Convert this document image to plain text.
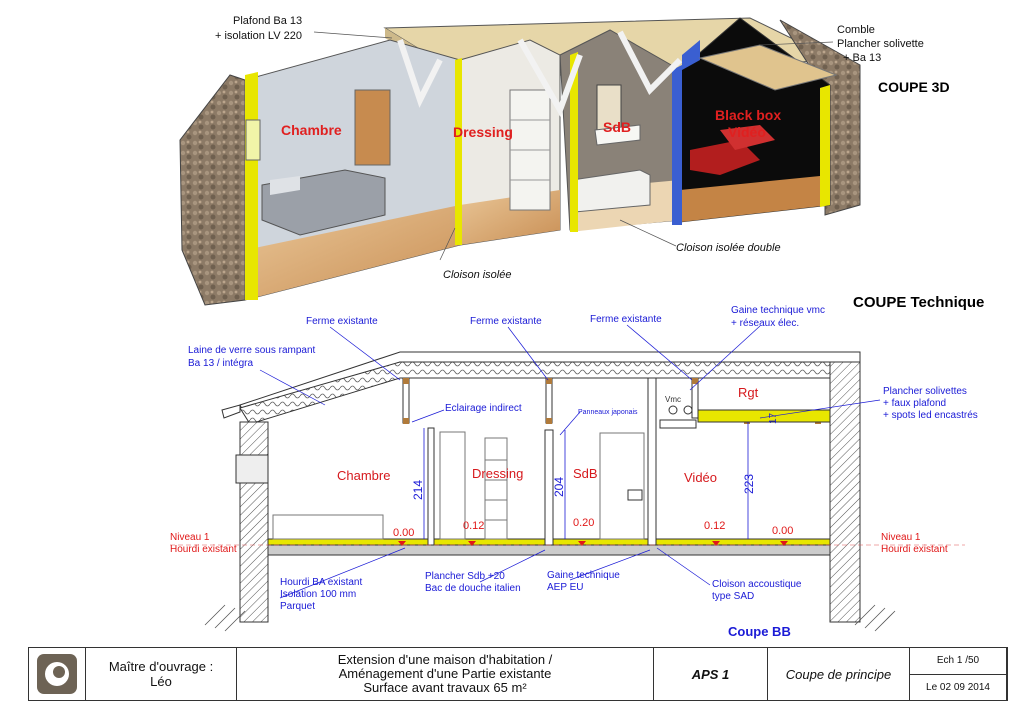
COUPE 3D
Plafond Ba 13
+ isolation LV 220	Comble
Plancher solivette
+ Ba 13
Cloison isolée
Cloison isolée double
Chambre	Dressing	SdB
Black box
Vidéo
COUPE Technique
Ferme existante	Ferme existante	Ferme existante
Gaine technique vmc
+ réseaux élec.
Laine de verre sous rampant
Ba 13 / intégra
Eclairage indirect	Panneaux japonais
Plancher solivettes
+ faux plafond
+ spots led encastrés
Hourdi BA existant
Isolation 100 mm
Parquet
Plancher Sdb +20
Bac de douche italien
Gaine technique
AEP EU	Cloison accoustique
type SAD
Chambre	Dressing	SdB	Vidéo
Rgt
Vmc
214	204	223
17
0.00
0.12	0.20	0.12	0.00
Niveau 1
Hourdi existant
Niveau 1
Hourdi existant
Coupe BB
Maître d'ouvrage :
Léo
Extension d'une maison d'habitation /
Aménagement d'une Partie existante
Surface avant travaux 65 m²
APS 1	Coupe de principe
Ech 1 /50
Le 02 09 2014
